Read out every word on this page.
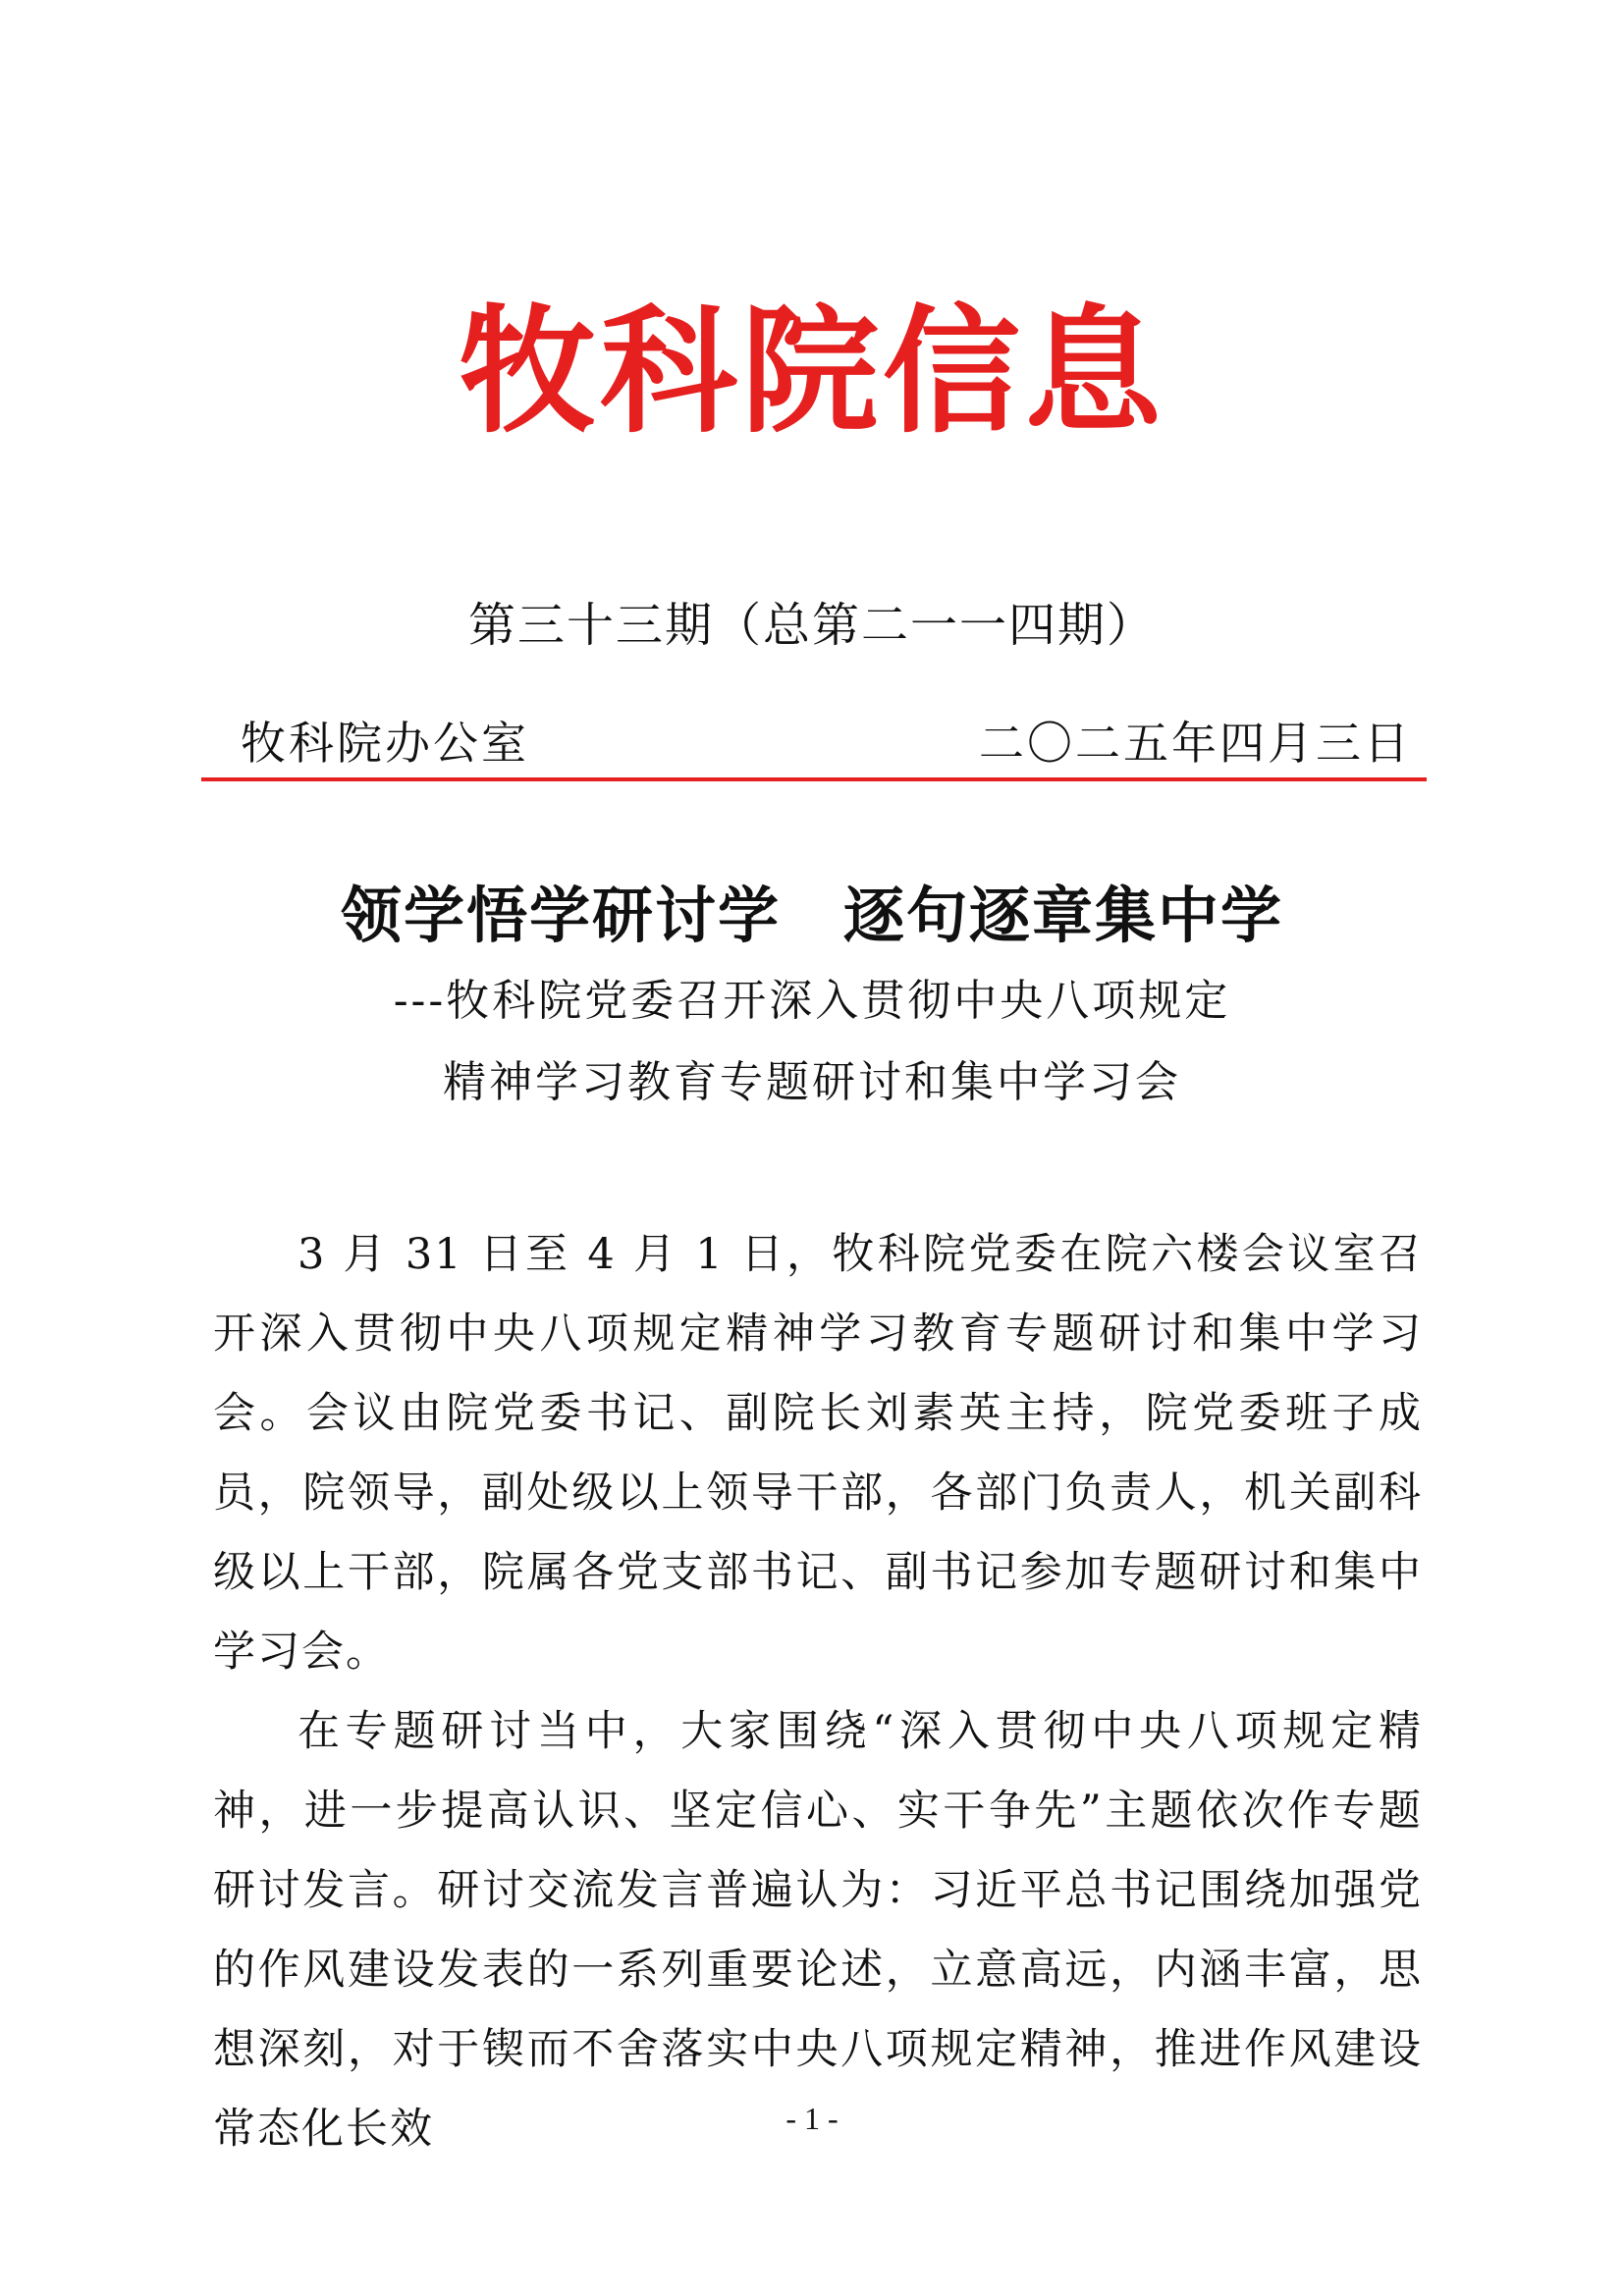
牧科院信息
第三十三期（总第二一一四期）
牧科院办公室	二〇二五年四月三日
领学悟学研讨学　逐句逐章集中学
---牧科院党委召开深入贯彻中央八项规定
精神学习教育专题研讨和集中学习会

3 月 31 日至 4 月 1 日，牧科院党委在院六楼会议室召开深入贯彻中央八项规定精神学习教育专题研讨和集中学习会。会议由院党委书记、副院长刘素英主持，院党委班子成员，院领导，副处级以上领导干部，各部门负责人，机关副科级以上干部，院属各党支部书记、副书记参加专题研讨和集中学习会。

在专题研讨当中，大家围绕“深入贯彻中央八项规定精神，进一步提高认识、坚定信心、实干争先”主题依次作专题研讨发言。研讨交流发言普遍认为：习近平总书记围绕加强党的作风建设发表的一系列重要论述，立意高远，内涵丰富，思想深刻，对于锲而不舍落实中央八项规定精神，推进作风建设常态化长效	- 1 -
